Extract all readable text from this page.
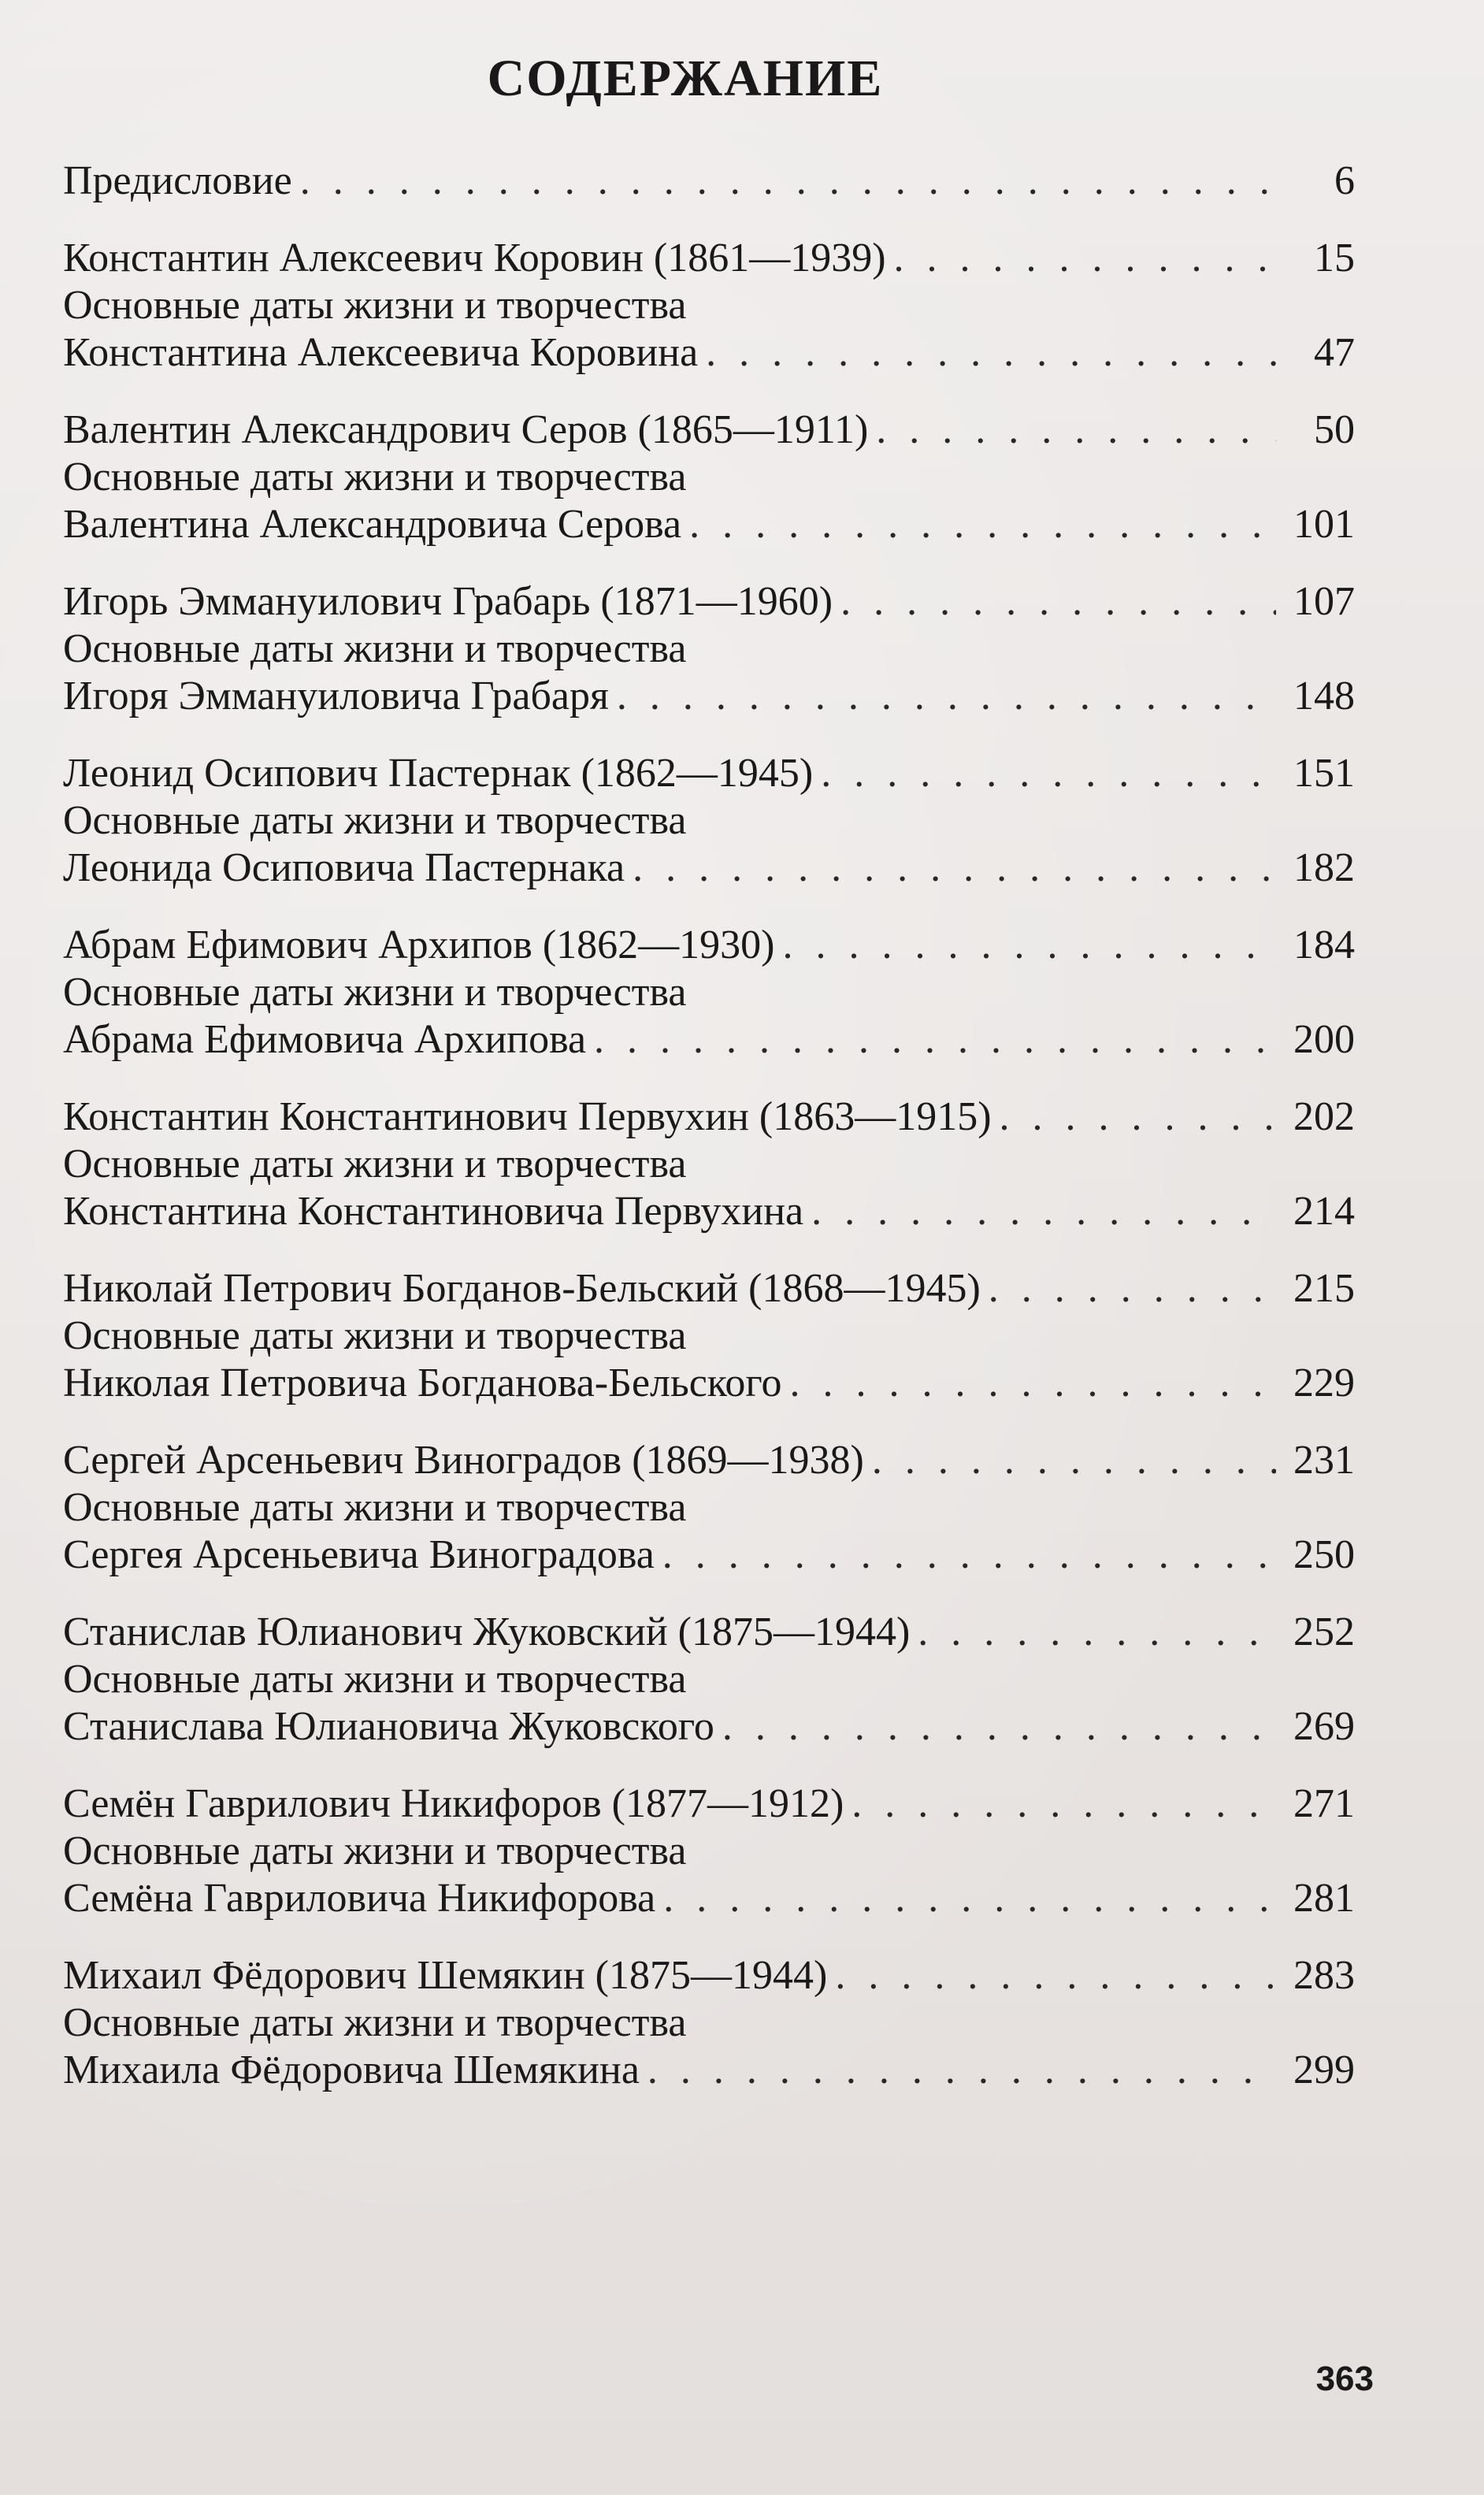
СОДЕРЖАНИЕ
Предисловие . . .	6
Константин Алексеевич Коровин (1861—1939) . . .	15
Основные даты жизни и творчества
Константина Алексеевича Коровина . . .	47
Валентин Александрович Серов (1865—1911) . . .	50
Основные даты жизни и творчества
Валентина Александровича Серова . . .	101
Игорь Эммануилович Грабарь (1871—1960) . . .	107
Основные даты жизни и творчества
Игоря Эммануиловича Грабаря . . .	148
Леонид Осипович Пастернак (1862—1945) . . .	151
Основные даты жизни и творчества
Леонида Осиповича Пастернака . . .	182
Абрам Ефимович Архипов (1862—1930) . . .	184
Основные даты жизни и творчества
Абрама Ефимовича Архипова . . .	200
Константин Константинович Первухин (1863—1915) . . .	202
Основные даты жизни и творчества
Константина Константиновича Первухина . . .	214
Николай Петрович Богданов-Бельский (1868—1945) . . .	215
Основные даты жизни и творчества
Николая Петровича Богданова-Бельского . . .	229
Сергей Арсеньевич Виноградов (1869—1938) . . .	231
Основные даты жизни и творчества
Сергея Арсеньевича Виноградова . . .	250
Станислав Юлианович Жуковский (1875—1944) . . .	252
Основные даты жизни и творчества
Станислава Юлиановича Жуковского . . .	269
Семён Гаврилович Никифоров (1877—1912) . . .	271
Основные даты жизни и творчества
Семёна Гавриловича Никифорова . . .	281
Михаил Фёдорович Шемякин (1875—1944) . . .	283
Основные даты жизни и творчества
Михаила Фёдоровича Шемякина . . .	299
363
